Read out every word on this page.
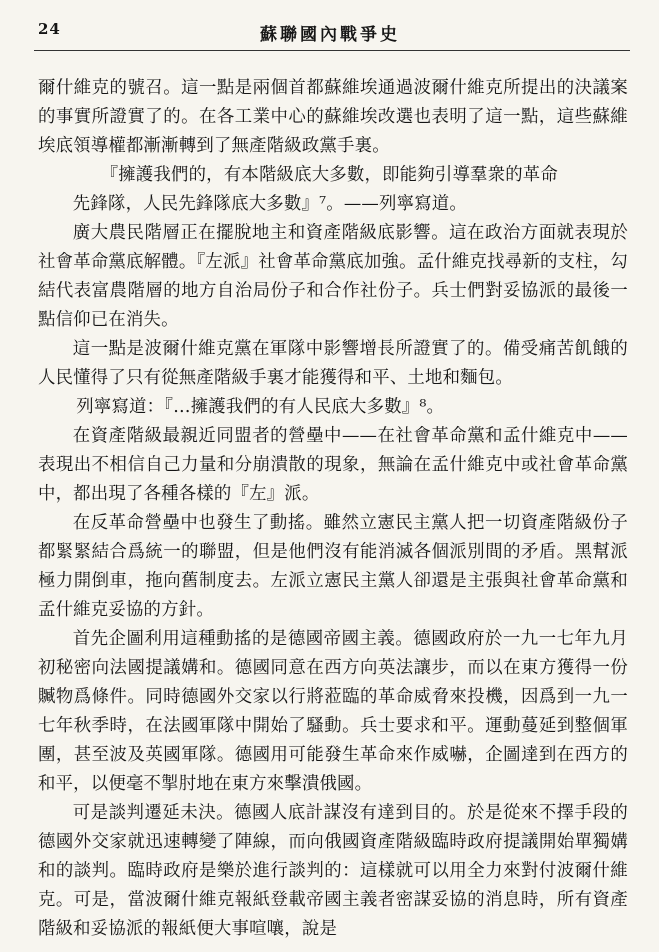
24	蘇聯國內戰爭史

爾什維克的號召。這一點是兩個首都蘇維埃通過波爾什維克所提出的決議案的事實所證實了的。在各工業中心的蘇維埃改選也表明了這一點，這些蘇維埃底領導權都漸漸轉到了無產階級政黨手裏。

『擁護我們的，有本階級底大多數，即能夠引導羣衆的革命

先鋒隊，人民先鋒隊底大多數』⁷。——列寧寫道。

廣大農民階層正在擺脫地主和資產階級底影響。這在政治方面就表現於社會革命黨底解體。『左派』社會革命黨底加強。孟什維克找尋新的支柱，勾結代表富農階層的地方自治局份子和合作社份子。兵士們對妥協派的最後一點信仰已在消失。

這一點是波爾什維克黨在軍隊中影響增長所證實了的。備受痛苦飢餓的人民懂得了只有從無產階級手裏才能獲得和平、土地和麵包。

列寧寫道：『…擁護我們的有人民底大多數』⁸。

在資產階級最親近同盟者的營壘中——在社會革命黨和孟什維克中——表現出不相信自己力量和分崩潰散的現象，無論在孟什維克中或社會革命黨中，都出現了各種各樣的『左』派。

在反革命營壘中也發生了動搖。雖然立憲民主黨人把一切資產階級份子都緊緊結合爲統一的聯盟，但是他們沒有能消滅各個派別間的矛盾。黑幫派極力開倒車，拖向舊制度去。左派立憲民主黨人卻還是主張與社會革命黨和孟什維克妥協的方針。

首先企圖利用這種動搖的是德國帝國主義。德國政府於一九一七年九月初秘密向法國提議媾和。德國同意在西方向英法讓步，而以在東方獲得一份贓物爲條件。同時德國外交家以行將蒞臨的革命威脅來投機，因爲到一九一七年秋季時，在法國軍隊中開始了騷動。兵士要求和平。運動蔓延到整個軍團，甚至波及英國軍隊。德國用可能發生革命來作威嚇，企圖達到在西方的和平，以便毫不掣肘地在東方來擊潰俄國。

可是談判遷延未決。德國人底計謀沒有達到目的。於是從來不擇手段的德國外交家就迅速轉變了陣線，而向俄國資產階級臨時政府提議開始單獨媾和的談判。臨時政府是樂於進行談判的：這樣就可以用全力來對付波爾什維克。可是，當波爾什維克報紙登載帝國主義者密謀妥協的消息時，所有資產階級和妥協派的報紙便大事喧嚷，說是
